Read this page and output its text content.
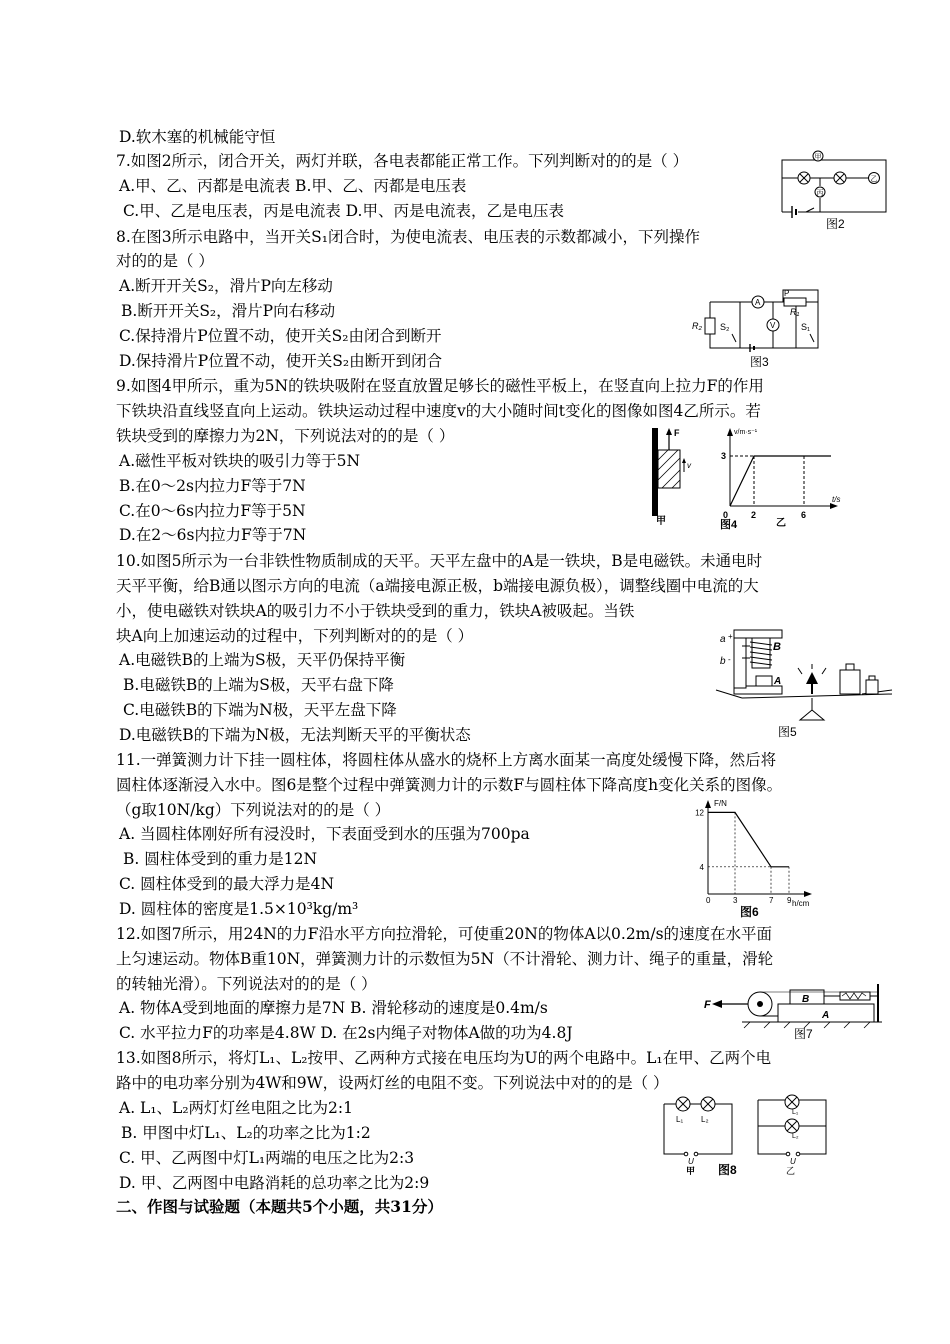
D.软木塞的机械能守恒
7.如图2所示，闭合开关，两灯并联，各电表都能正常工作。下列判断对的的是（ ）
A.甲、乙、丙都是电流表 B.甲、乙、丙都是电压表
C.甲、乙是电压表，丙是电流表 D.甲、丙是电流表，乙是电压表
8.在图3所示电路中，当开关S₁闭合时，为使电流表、电压表的示数都减小，下列操作
对的的是（ ）
A.断开开关S₂，滑片P向左移动
B.断开开关S₂，滑片P向右移动
C.保持滑片P位置不动，使开关S₂由闭合到断开
D.保持滑片P位置不动，使开关S₂由断开到闭合
9.如图4甲所示，重为5N的铁块吸附在竖直放置足够长的磁性平板上，在竖直向上拉力F的作用
下铁块沿直线竖直向上运动。铁块运动过程中速度v的大小随时间t变化的图像如图4乙所示。若
铁块受到的摩擦力为2N，下列说法对的的是（ ）
A.磁性平板对铁块的吸引力等于5N
B.在0～2s内拉力F等于7N
C.在0～6s内拉力F等于5N
D.在2～6s内拉力F等于7N
10.如图5所示为一台非铁性物质制成的天平。天平左盘中的A是一铁块，B是电磁铁。未通电时
天平平衡，给B通以图示方向的电流（a端接电源正极，b端接电源负极），调整线圈中电流的大
小，使电磁铁对铁块A的吸引力不小于铁块受到的重力，铁块A被吸起。当铁
块A向上加速运动的过程中，下列判断对的的是（ ）
A.电磁铁B的上端为S极，天平仍保持平衡
B.电磁铁B的上端为S极，天平右盘下降
C.电磁铁B的下端为N极，天平左盘下降
D.电磁铁B的下端为N极，无法判断天平的平衡状态
11.一弹簧测力计下挂一圆柱体，将圆柱体从盛水的烧杯上方离水面某一高度处缓慢下降，然后将
圆柱体逐渐浸入水中。图6是整个过程中弹簧测力计的示数F与圆柱体下降高度h变化关系的图像。
（g取10N/kg）下列说法对的的是（ ）
A. 当圆柱体刚好所有浸没时，下表面受到水的压强为700pa
B. 圆柱体受到的重力是12N
C. 圆柱体受到的最大浮力是4N
D. 圆柱体的密度是1.5×10³kg/m³
12.如图7所示，用24N的力F沿水平方向拉滑轮，可使重20N的物体A以0.2m/s的速度在水平面
上匀速运动。物体B重10N，弹簧测力计的示数恒为5N（不计滑轮、测力计、绳子的重量，滑轮
的转轴光滑）。下列说法对的的是（ ）
A. 物体A受到地面的摩擦力是7N B. 滑轮移动的速度是0.4m/s
C. 水平拉力F的功率是4.8W D. 在2s内绳子对物体A做的功为4.8J
13.如图8所示，将灯L₁、L₂按甲、乙两种方式接在电压均为U的两个电路中。L₁在甲、乙两个电
路中的电功率分别为4W和9W，设两灯丝的电阻不变。下列说法中对的的是（ ）
A. L₁、L₂两灯灯丝电阻之比为2:1
B. 甲图中灯L₁、L₂的功率之比为1:2
C. 甲、乙两图中灯L₁两端的电压之比为2:3
D. 甲、乙两图中电路消耗的总功率之比为2:9
二、作图与试验题（本题共5个小题，共31分）
甲
丙
乙
图2
R₂ S₂
A
V
P
R₁
S₁
图3
F
v
甲
v/m·s⁻¹
t/s
3
0	2	6
乙
图4
a +
b -
B
A
图5
F/N
h/cm
12
4
0	3	7 9
图6
F	B
A
图7
L₁ L₂
U
甲
L₁
L₂
U
乙
图8
